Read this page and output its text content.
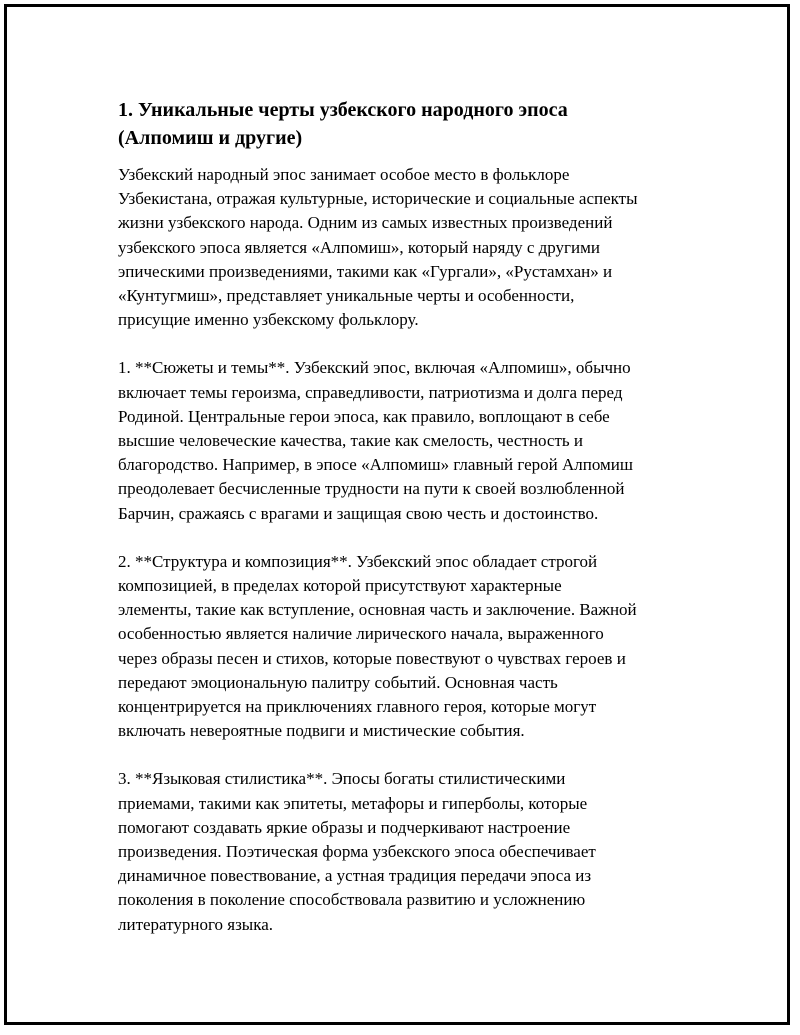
1. Уникальные черты узбекского народного эпоса
(Алпомиш и другие)

Узбекский народный эпос занимает особое место в фольклоре
Узбекистана, отражая культурные, исторические и социальные аспекты
жизни узбекского народа. Одним из самых известных произведений
узбекского эпоса является «Алпомиш», который наряду с другими
эпическими произведениями, такими как «Гургали», «Рустамхан» и
«Кунтугмиш», представляет уникальные черты и особенности,
присущие именно узбекскому фольклору.

1. **Сюжеты и темы**. Узбекский эпос, включая «Алпомиш», обычно
включает темы героизма, справедливости, патриотизма и долга перед
Родиной. Центральные герои эпоса, как правило, воплощают в себе
высшие человеческие качества, такие как смелость, честность и
благородство. Например, в эпосе «Алпомиш» главный герой Алпомиш
преодолевает бесчисленные трудности на пути к своей возлюбленной
Барчин, сражаясь с врагами и защищая свою честь и достоинство.

2. **Структура и композиция**. Узбекский эпос обладает строгой
композицией, в пределах которой присутствуют характерные
элементы, такие как вступление, основная часть и заключение. Важной
особенностью является наличие лирического начала, выраженного
через образы песен и стихов, которые повествуют о чувствах героев и
передают эмоциональную палитру событий. Основная часть
концентрируется на приключениях главного героя, которые могут
включать невероятные подвиги и мистические события.

3. **Языковая стилистика**. Эпосы богаты стилистическими
приемами, такими как эпитеты, метафоры и гиперболы, которые
помогают создавать яркие образы и подчеркивают настроение
произведения. Поэтическая форма узбекского эпоса обеспечивает
динамичное повествование, а устная традиция передачи эпоса из
поколения в поколение способствовала развитию и усложнению
литературного языка.
